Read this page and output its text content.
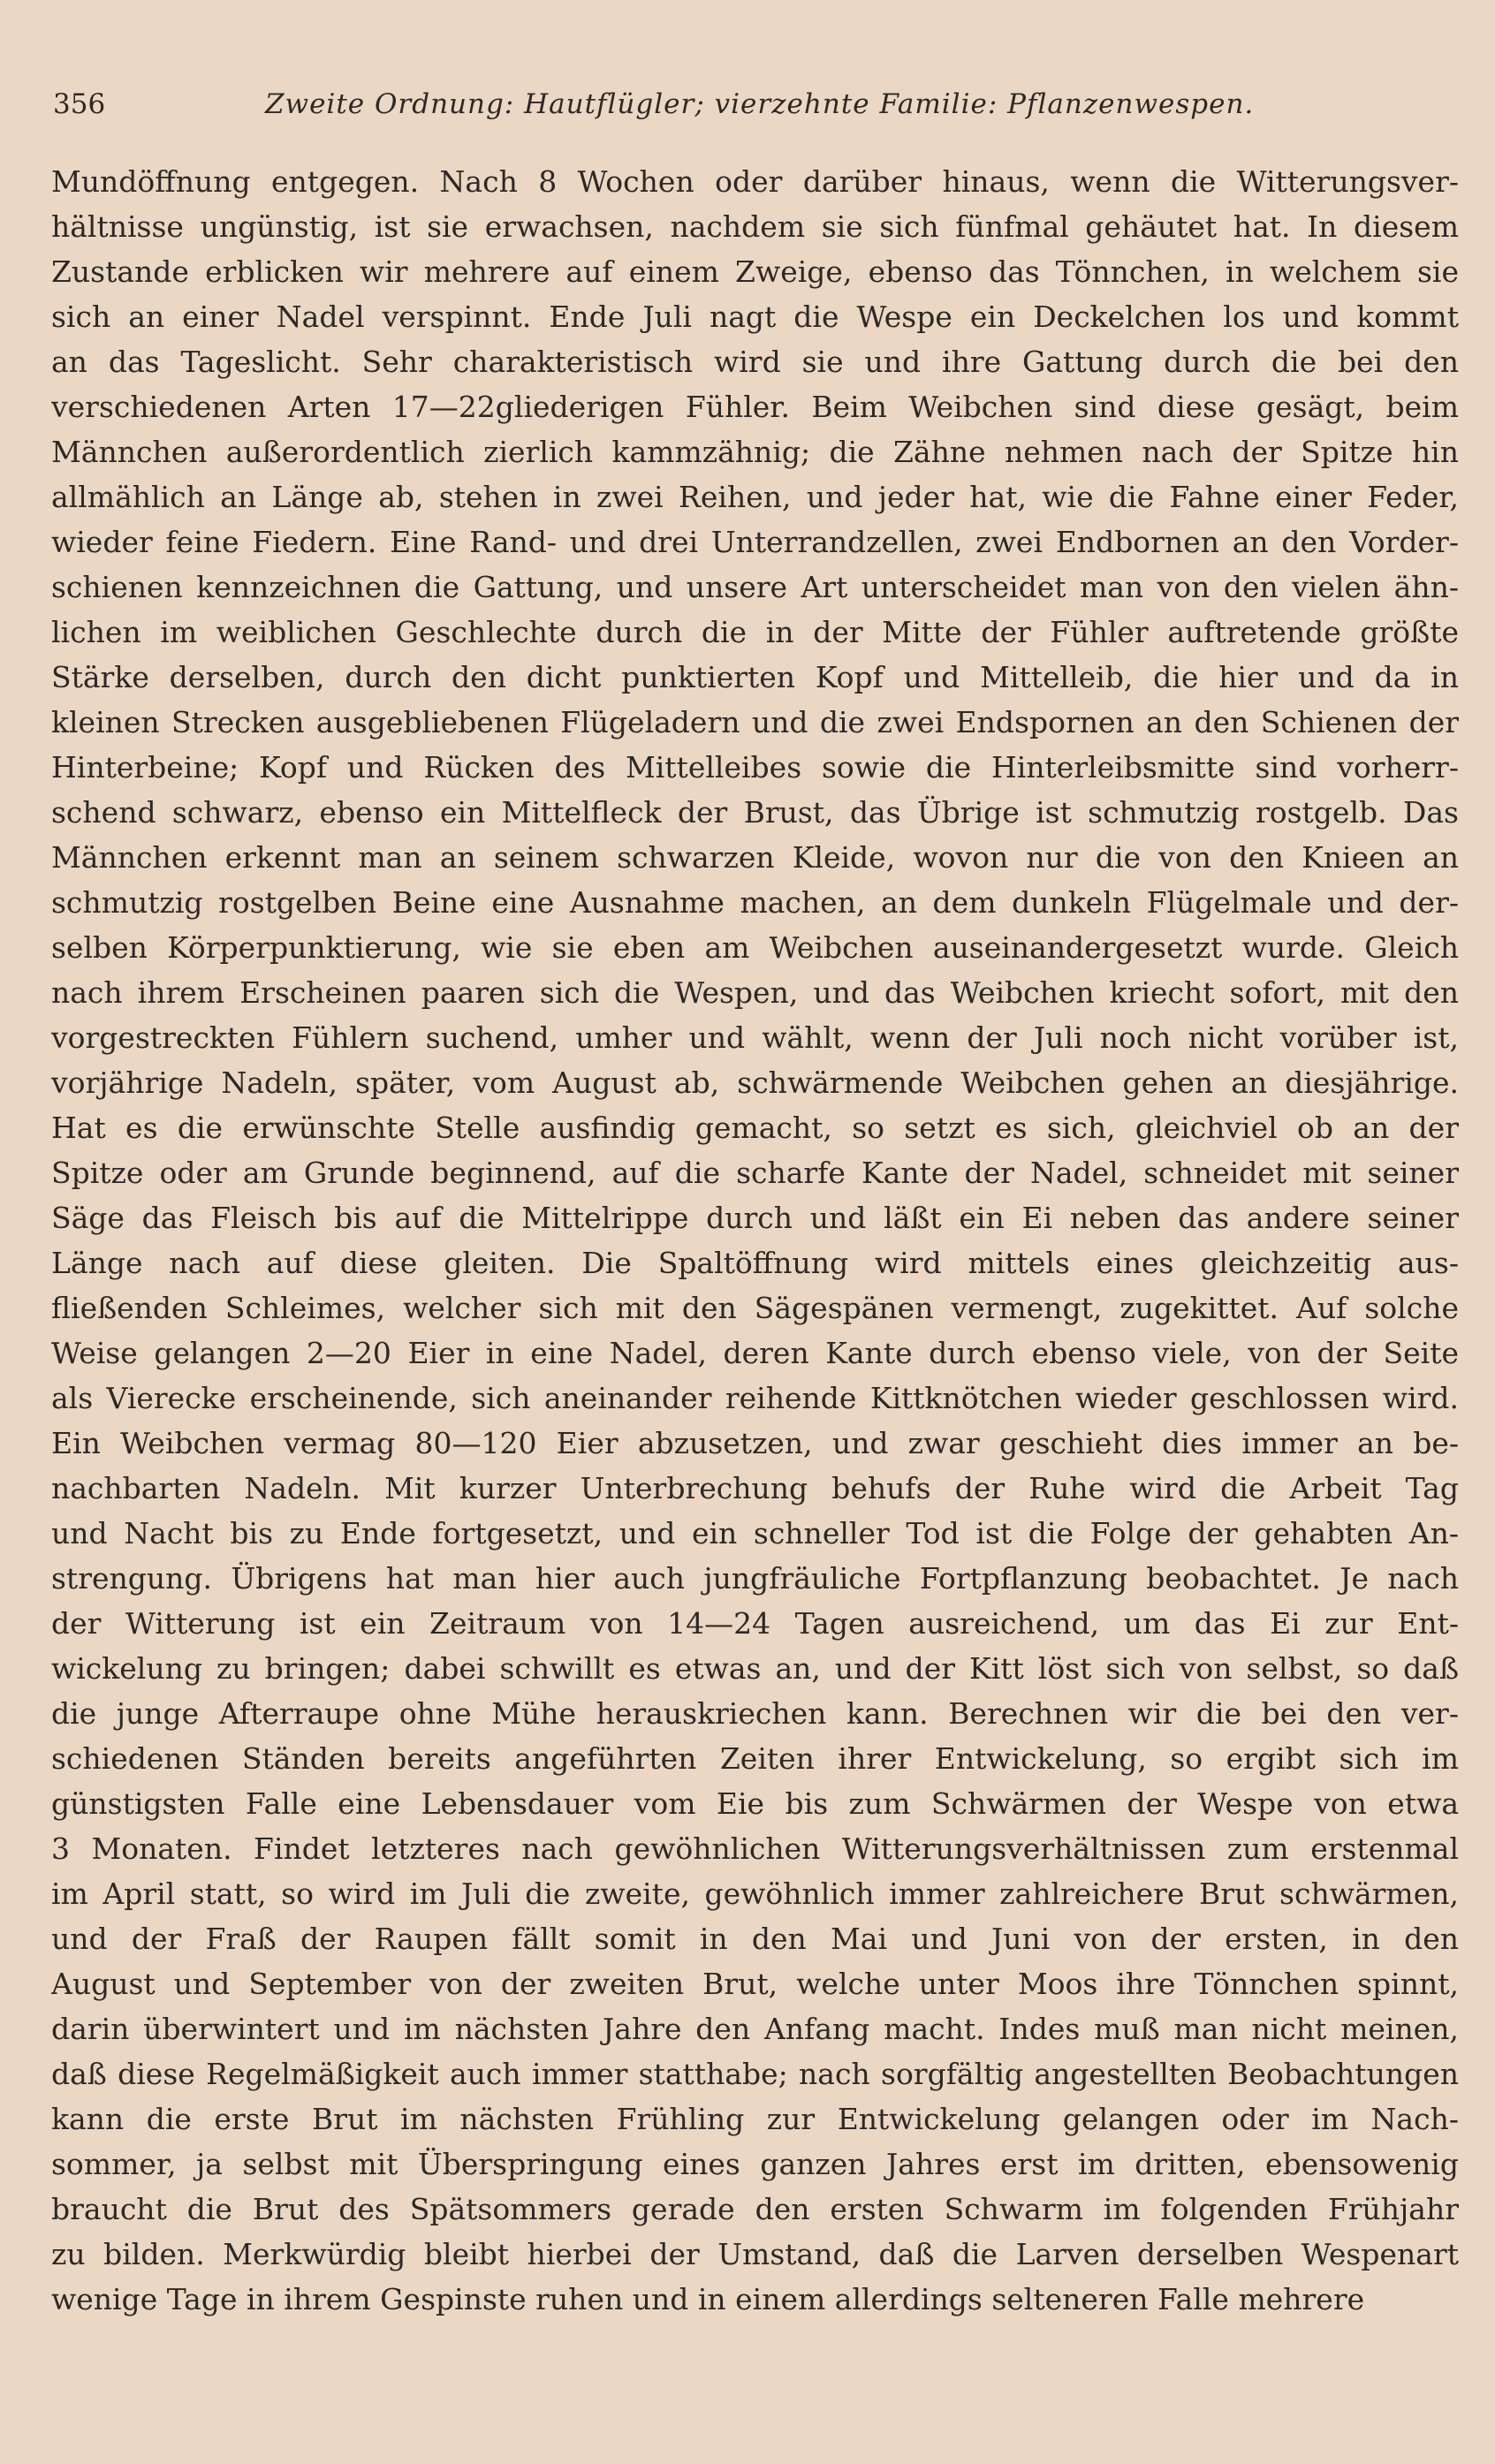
356	Zweite Ordnung: Hautflügler; vierzehnte Familie: Pflanzenwespen.
Mundöffnung entgegen. Nach 8 Wochen oder darüber hinaus, wenn die Witterungsver-
hältnisse ungünstig, ist sie erwachsen, nachdem sie sich fünfmal gehäutet hat. In diesem
Zustande erblicken wir mehrere auf einem Zweige, ebenso das Tönnchen, in welchem sie
sich an einer Nadel verspinnt. Ende Juli nagt die Wespe ein Deckelchen los und kommt
an das Tageslicht. Sehr charakteristisch wird sie und ihre Gattung durch die bei den
verschiedenen Arten 17—22gliederigen Fühler. Beim Weibchen sind diese gesägt, beim
Männchen außerordentlich zierlich kammzähnig; die Zähne nehmen nach der Spitze hin
allmählich an Länge ab, stehen in zwei Reihen, und jeder hat, wie die Fahne einer Feder,
wieder feine Fiedern. Eine Rand- und drei Unterrandzellen, zwei Endbornen an den Vorder-
schienen kennzeichnen die Gattung, und unsere Art unterscheidet man von den vielen ähn-
lichen im weiblichen Geschlechte durch die in der Mitte der Fühler auftretende größte
Stärke derselben, durch den dicht punktierten Kopf und Mittelleib, die hier und da in
kleinen Strecken ausgebliebenen Flügeladern und die zwei Endspornen an den Schienen der
Hinterbeine; Kopf und Rücken des Mittelleibes sowie die Hinterleibsmitte sind vorherr-
schend schwarz, ebenso ein Mittelfleck der Brust, das Übrige ist schmutzig rostgelb. Das
Männchen erkennt man an seinem schwarzen Kleide, wovon nur die von den Knieen an
schmutzig rostgelben Beine eine Ausnahme machen, an dem dunkeln Flügelmale und der-
selben Körperpunktierung, wie sie eben am Weibchen auseinandergesetzt wurde. Gleich
nach ihrem Erscheinen paaren sich die Wespen, und das Weibchen kriecht sofort, mit den
vorgestreckten Fühlern suchend, umher und wählt, wenn der Juli noch nicht vorüber ist,
vorjährige Nadeln, später, vom August ab, schwärmende Weibchen gehen an diesjährige.
Hat es die erwünschte Stelle ausfindig gemacht, so setzt es sich, gleichviel ob an der
Spitze oder am Grunde beginnend, auf die scharfe Kante der Nadel, schneidet mit seiner
Säge das Fleisch bis auf die Mittelrippe durch und läßt ein Ei neben das andere seiner
Länge nach auf diese gleiten. Die Spaltöffnung wird mittels eines gleichzeitig aus-
fließenden Schleimes, welcher sich mit den Sägespänen vermengt, zugekittet. Auf solche
Weise gelangen 2—20 Eier in eine Nadel, deren Kante durch ebenso viele, von der Seite
als Vierecke erscheinende, sich aneinander reihende Kittknötchen wieder geschlossen wird.
Ein Weibchen vermag 80—120 Eier abzusetzen, und zwar geschieht dies immer an be-
nachbarten Nadeln. Mit kurzer Unterbrechung behufs der Ruhe wird die Arbeit Tag
und Nacht bis zu Ende fortgesetzt, und ein schneller Tod ist die Folge der gehabten An-
strengung. Übrigens hat man hier auch jungfräuliche Fortpflanzung beobachtet. Je nach
der Witterung ist ein Zeitraum von 14—24 Tagen ausreichend, um das Ei zur Ent-
wickelung zu bringen; dabei schwillt es etwas an, und der Kitt löst sich von selbst, so daß
die junge Afterraupe ohne Mühe herauskriechen kann. Berechnen wir die bei den ver-
schiedenen Ständen bereits angeführten Zeiten ihrer Entwickelung, so ergibt sich im
günstigsten Falle eine Lebensdauer vom Eie bis zum Schwärmen der Wespe von etwa
3 Monaten. Findet letzteres nach gewöhnlichen Witterungsverhältnissen zum erstenmal
im April statt, so wird im Juli die zweite, gewöhnlich immer zahlreichere Brut schwärmen,
und der Fraß der Raupen fällt somit in den Mai und Juni von der ersten, in den
August und September von der zweiten Brut, welche unter Moos ihre Tönnchen spinnt,
darin überwintert und im nächsten Jahre den Anfang macht. Indes muß man nicht meinen,
daß diese Regelmäßigkeit auch immer statthabe; nach sorgfältig angestellten Beobachtungen
kann die erste Brut im nächsten Frühling zur Entwickelung gelangen oder im Nach-
sommer, ja selbst mit Überspringung eines ganzen Jahres erst im dritten, ebensowenig
braucht die Brut des Spätsommers gerade den ersten Schwarm im folgenden Frühjahr
zu bilden. Merkwürdig bleibt hierbei der Umstand, daß die Larven derselben Wespenart
wenige Tage in ihrem Gespinste ruhen und in einem allerdings selteneren Falle mehrere
